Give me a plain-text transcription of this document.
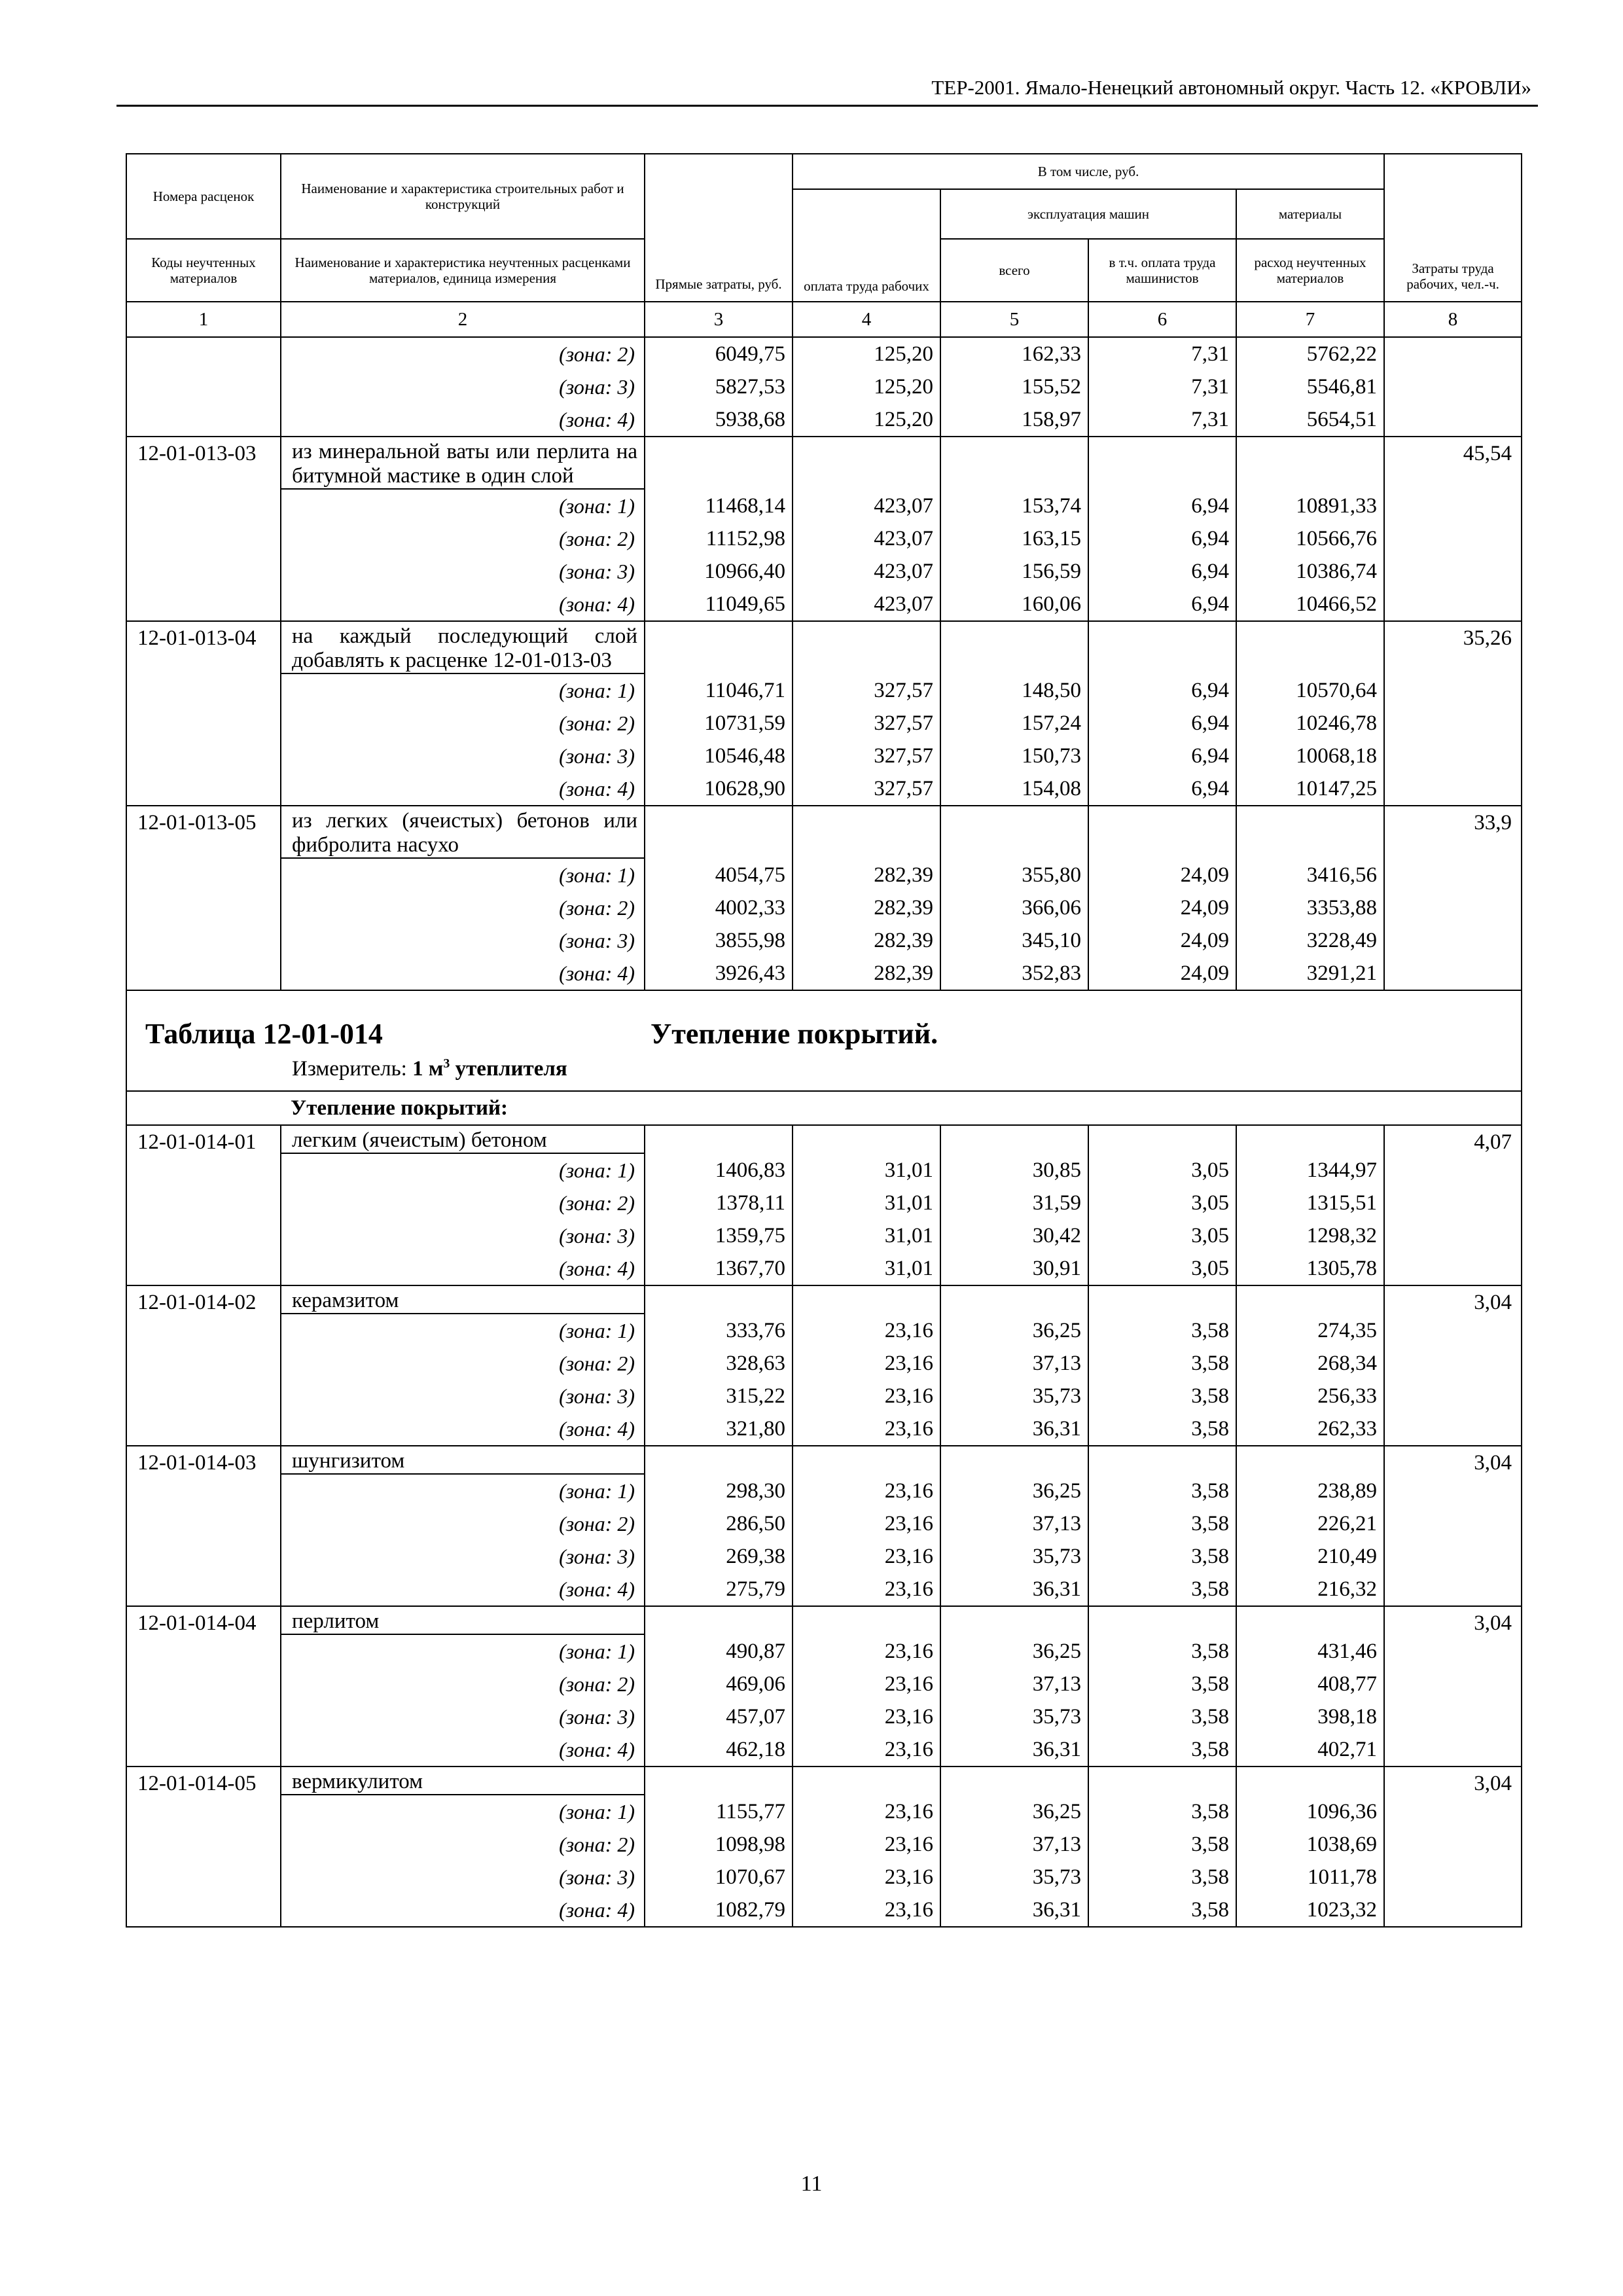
ТЕР-2001. Ямало-Ненецкий автономный округ. Часть 12. «КРОВЛИ»
Номера расценок	Наименование и характеристика строительных работ и конструкций	Прямые затраты, руб.	В том числе, руб.				Затраты труда рабочих, чел.-ч.
				эксплуатация машин		материалы	
Коды неучтенных материалов	Наименование и характеристика неучтенных расценками материалов, единица измерения			всего	в т.ч. оплата труда машинистов	расход неучтенных материалов	
			оплата труда рабочих				
1	2	3	4	5	6	7	8
	(зона: 2)	6049,75	125,20	162,33	7,31	5762,22	
	(зона: 3)	5827,53	125,20	155,52	7,31	5546,81	
	(зона: 4)	5938,68	125,20	158,97	7,31	5654,51	
12-01-013-03	из минеральной ваты или перлита на битумной мастике в один слой						45,54
	(зона: 1)	11468,14	423,07	153,74	6,94	10891,33	
	(зона: 2)	11152,98	423,07	163,15	6,94	10566,76	
	(зона: 3)	10966,40	423,07	156,59	6,94	10386,74	
	(зона: 4)	11049,65	423,07	160,06	6,94	10466,52	
12-01-013-04	на каждый последующий слой добавлять к расценке 12-01-013-03						35,26
	(зона: 1)	11046,71	327,57	148,50	6,94	10570,64	
	(зона: 2)	10731,59	327,57	157,24	6,94	10246,78	
	(зона: 3)	10546,48	327,57	150,73	6,94	10068,18	
	(зона: 4)	10628,90	327,57	154,08	6,94	10147,25	
12-01-013-05	из легких (ячеистых) бетонов или фибролита насухо						33,9
	(зона: 1)	4054,75	282,39	355,80	24,09	3416,56	
	(зона: 2)	4002,33	282,39	366,06	24,09	3353,88	
	(зона: 3)	3855,98	282,39	345,10	24,09	3228,49	
	(зона: 4)	3926,43	282,39	352,83	24,09	3291,21	

Таблица 12-01-014 Утепление покрытий.
Измеритель: 1 $м^3$ утеплителя							

Утепление покрытий:							
12-01-014-01	легким (ячеистым) бетоном						4,07
	(зона: 1)	1406,83	31,01	30,85	3,05	1344,97	
	(зона: 2)	1378,11	31,01	31,59	3,05	1315,51	
	(зона: 3)	1359,75	31,01	30,42	3,05	1298,32	
	(зона: 4)	1367,70	31,01	30,91	3,05	1305,78	
12-01-014-02	керамзитом						3,04
	(зона: 1)	333,76	23,16	36,25	3,58	274,35	
	(зона: 2)	328,63	23,16	37,13	3,58	268,34	
	(зона: 3)	315,22	23,16	35,73	3,58	256,33	
	(зона: 4)	321,80	23,16	36,31	3,58	262,33	
12-01-014-03	шунгизитом						3,04
	(зона: 1)	298,30	23,16	36,25	3,58	238,89	
	(зона: 2)	286,50	23,16	37,13	3,58	226,21	
	(зона: 3)	269,38	23,16	35,73	3,58	210,49	
	(зона: 4)	275,79	23,16	36,31	3,58	216,32	
12-01-014-04	перлитом						3,04
	(зона: 1)	490,87	23,16	36,25	3,58	431,46	
	(зона: 2)	469,06	23,16	37,13	3,58	408,77	
	(зона: 3)	457,07	23,16	35,73	3,58	398,18	
	(зона: 4)	462,18	23,16	36,31	3,58	402,71	
12-01-014-05	вермикулитом						3,04
	(зона: 1)	1155,77	23,16	36,25	3,58	1096,36	
	(зона: 2)	1098,98	23,16	37,13	3,58	1038,69	
	(зона: 3)	1070,67	23,16	35,73	3,58	1011,78	
	(зона: 4)	1082,79	23,16	36,31	3,58	1023,32	
11
